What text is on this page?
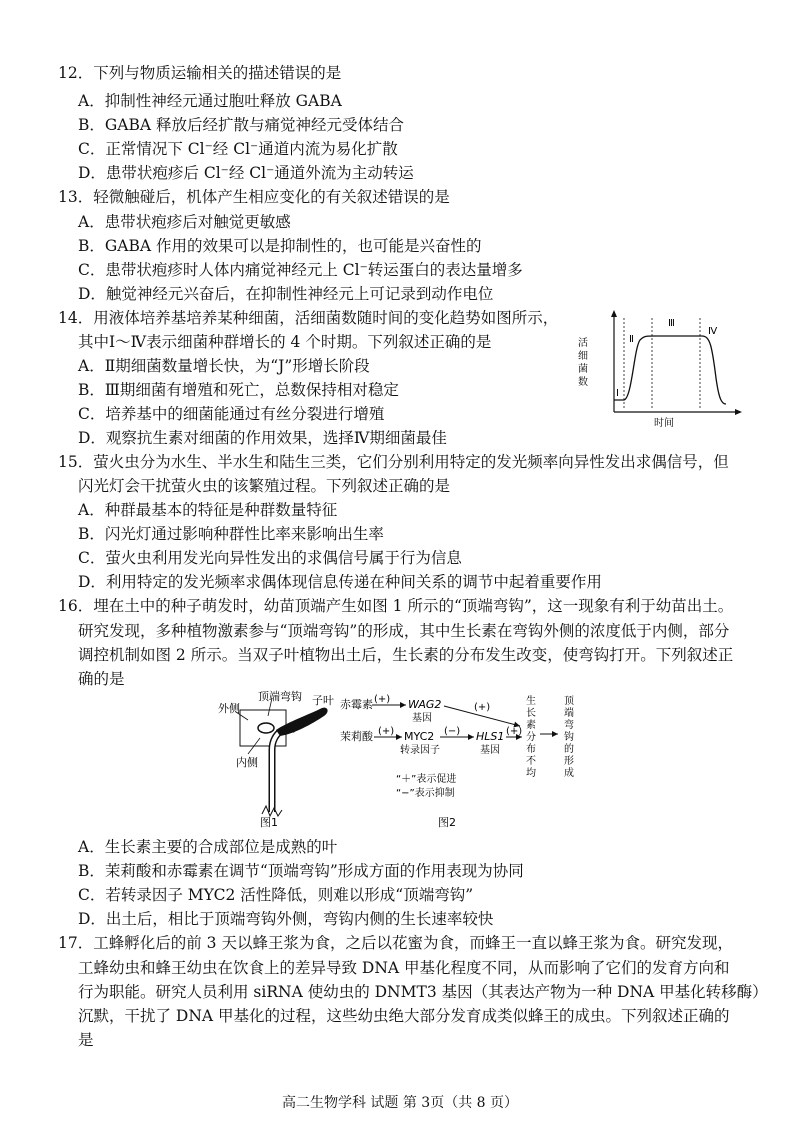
12．下列与物质运输相关的描述错误的是
A．抑制性神经元通过胞吐释放 GABA
B．GABA 释放后经扩散与痛觉神经元受体结合
C．正常情况下 Cl⁻经 Cl⁻通道内流为易化扩散
D．患带状疱疹后 Cl⁻经 Cl⁻通道外流为主动转运
13．轻微触碰后，机体产生相应变化的有关叙述错误的是
A．患带状疱疹后对触觉更敏感
B．GABA 作用的效果可以是抑制性的，也可能是兴奋性的
C．患带状疱疹时人体内痛觉神经元上 Cl⁻转运蛋白的表达量增多
D．触觉神经元兴奋后，在抑制性神经元上可记录到动作电位
14．用液体培养基培养某种细菌，活细菌数随时间的变化趋势如图所示，
其中Ⅰ～Ⅳ表示细菌种群增长的 4 个时期。下列叙述正确的是
A．Ⅱ期细菌数量增长快，为“J”形增长阶段
B．Ⅲ期细菌有增殖和死亡，总数保持相对稳定
C．培养基中的细菌能通过有丝分裂进行增殖
D．观察抗生素对细菌的作用效果，选择Ⅳ期细菌最佳
活
细
菌
数
时间
Ⅰ
Ⅱ
Ⅲ
Ⅳ
15．萤火虫分为水生、半水生和陆生三类，它们分别利用特定的发光频率向异性发出求偶信号，但
闪光灯会干扰萤火虫的该繁殖过程。下列叙述正确的是
A．种群最基本的特征是种群数量特征
B．闪光灯通过影响种群性比率来影响出生率
C．萤火虫利用发光向异性发出的求偶信号属于行为信息
D．利用特定的发光频率求偶体现信息传递在种间关系的调节中起着重要作用
16．埋在土中的种子萌发时，幼苗顶端产生如图 1 所示的“顶端弯钩”，这一现象有利于幼苗出土。
研究发现，多种植物激素参与“顶端弯钩”的形成，其中生长素在弯钩外侧的浓度低于内侧，部分
调控机制如图 2 所示。当双子叶植物出土后，生长素的分布发生改变，使弯钩打开。下列叙述正
确的是
外侧
顶端弯钩 子叶
内侧
图1
赤霉素 (+) WAG2
基因
(+)
茉莉酸 (+) MYC2
转录因子
(−) HLS1
基因
(+)
生
长
素
分
布
不
均
顶
端
弯
钩
的
形
成
“＋”表示促进
“−”表示抑制
图2
A．生长素主要的合成部位是成熟的叶
B．茉莉酸和赤霉素在调节“顶端弯钩”形成方面的作用表现为协同
C．若转录因子 MYC2 活性降低，则难以形成“顶端弯钩”
D．出土后，相比于顶端弯钩外侧，弯钩内侧的生长速率较快
17．工蜂孵化后的前 3 天以蜂王浆为食，之后以花蜜为食，而蜂王一直以蜂王浆为食。研究发现，
工蜂幼虫和蜂王幼虫在饮食上的差异导致 DNA 甲基化程度不同，从而影响了它们的发育方向和
行为职能。研究人员利用 siRNA 使幼虫的 DNMT3 基因（其表达产物为一种 DNA 甲基化转移酶）
沉默，干扰了 DNA 甲基化的过程，这些幼虫绝大部分发育成类似蜂王的成虫。下列叙述正确的
是
高二生物学科 试题 第 3页（共 8 页）
